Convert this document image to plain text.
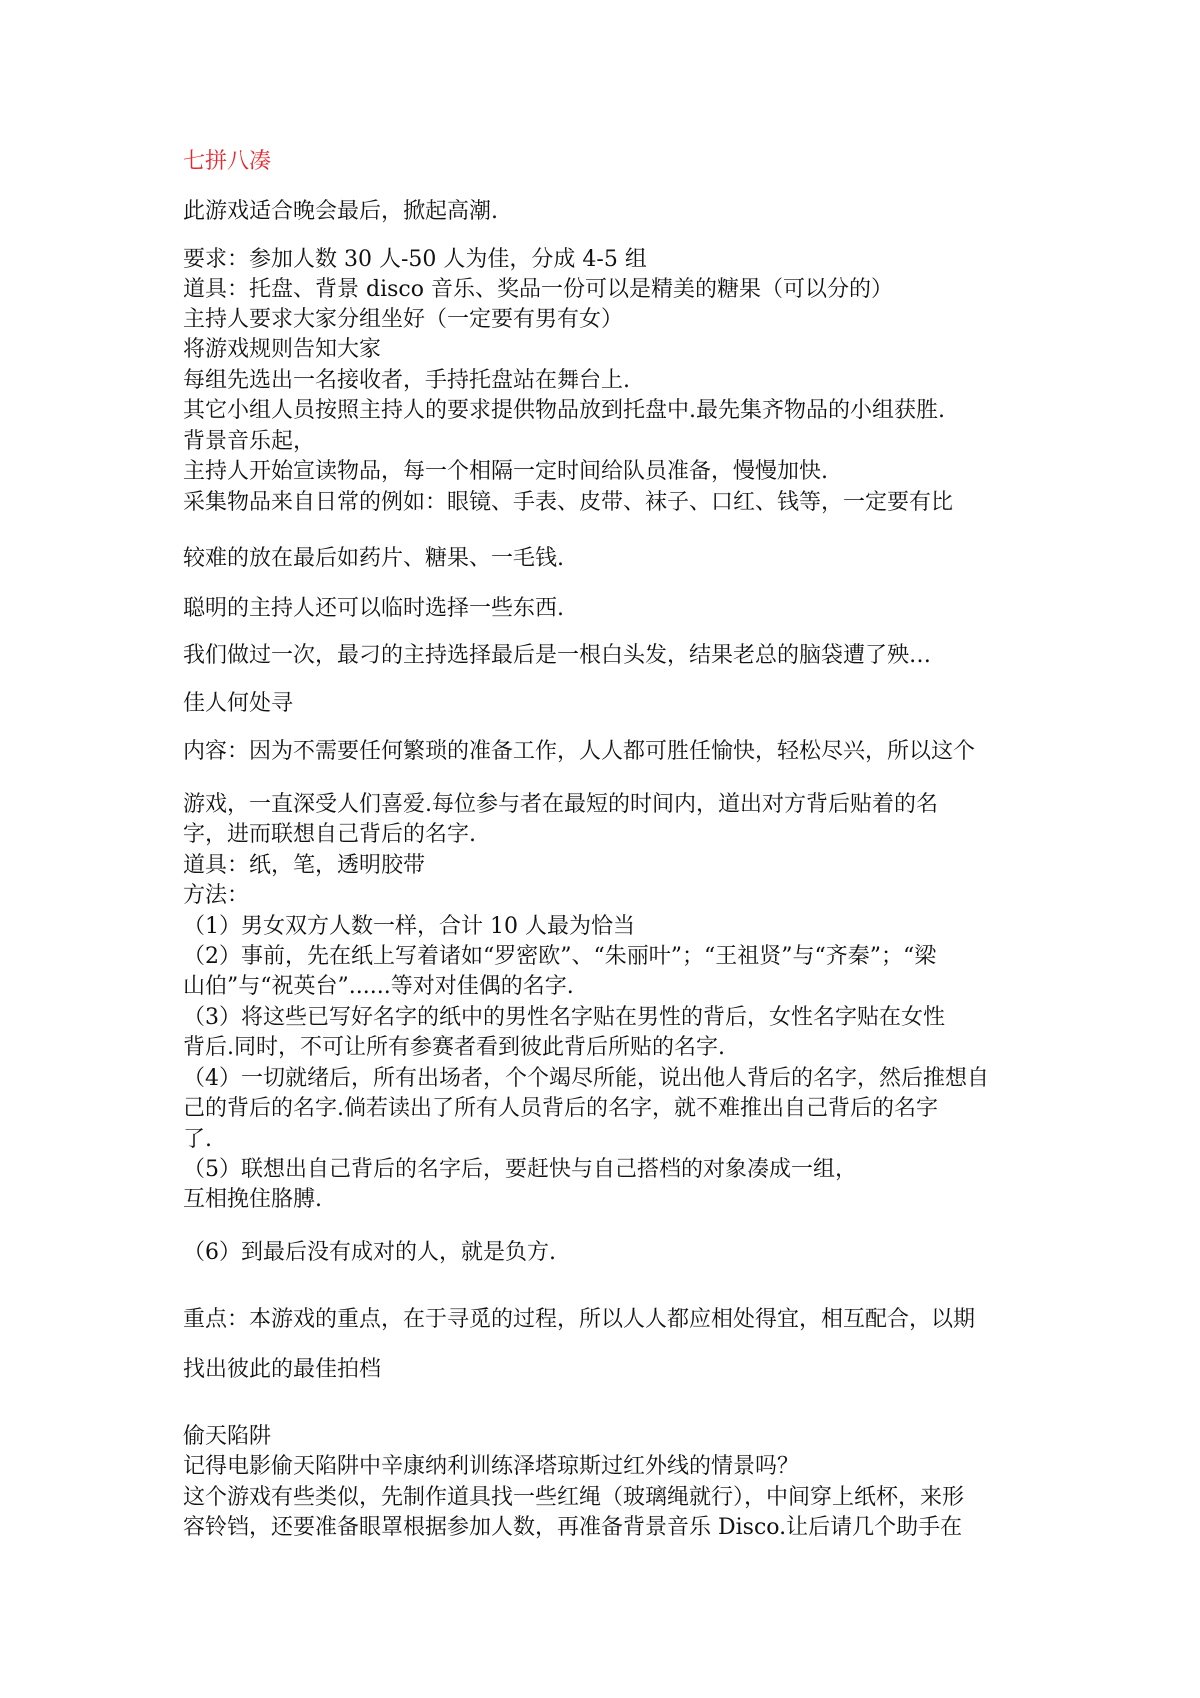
七拼八凑
此游戏适合晚会最后，掀起高潮.
要求：参加人数 30 人-50 人为佳，分成 4-5 组
道具：托盘、背景 disco 音乐、奖品一份可以是精美的糖果（可以分的）
主持人要求大家分组坐好（一定要有男有女）
将游戏规则告知大家
每组先选出一名接收者，手持托盘站在舞台上.
其它小组人员按照主持人的要求提供物品放到托盘中.最先集齐物品的小组获胜.
背景音乐起，
主持人开始宣读物品，每一个相隔一定时间给队员准备，慢慢加快.
采集物品来自日常的例如：眼镜、手表、皮带、袜子、口红、钱等，一定要有比
较难的放在最后如药片、糖果、一毛钱.
聪明的主持人还可以临时选择一些东西.
我们做过一次，最刁的主持选择最后是一根白头发，结果老总的脑袋遭了殃…
佳人何处寻
内容：因为不需要任何繁琐的准备工作，人人都可胜任愉快，轻松尽兴，所以这个
游戏，一直深受人们喜爱.每位参与者在最短的时间内，道出对方背后贴着的名
字，进而联想自己背后的名字.
道具：纸，笔，透明胶带
方法：
（1）男女双方人数一样，合计 10 人最为恰当
（2）事前，先在纸上写着诸如“罗密欧”、“朱丽叶”；“王祖贤”与“齐秦”；“梁
山伯”与“祝英台”......等对对佳偶的名字.
（3）将这些已写好名字的纸中的男性名字贴在男性的背后，女性名字贴在女性
背后.同时，不可让所有参赛者看到彼此背后所贴的名字.
（4）一切就绪后，所有出场者，个个竭尽所能，说出他人背后的名字，然后推想自
己的背后的名字.倘若读出了所有人员背后的名字，就不难推出自己背后的名字
了.
（5）联想出自己背后的名字后，要赶快与自己搭档的对象凑成一组，
互相挽住胳膊.
（6）到最后没有成对的人，就是负方.
重点：本游戏的重点，在于寻觅的过程，所以人人都应相处得宜，相互配合，以期
找出彼此的最佳拍档
偷天陷阱
记得电影偷天陷阱中辛康纳利训练泽塔琼斯过红外线的情景吗？
这个游戏有些类似，先制作道具找一些红绳（玻璃绳就行），中间穿上纸杯，来形
容铃铛，还要准备眼罩根据参加人数，再准备背景音乐 Disco.让后请几个助手在
